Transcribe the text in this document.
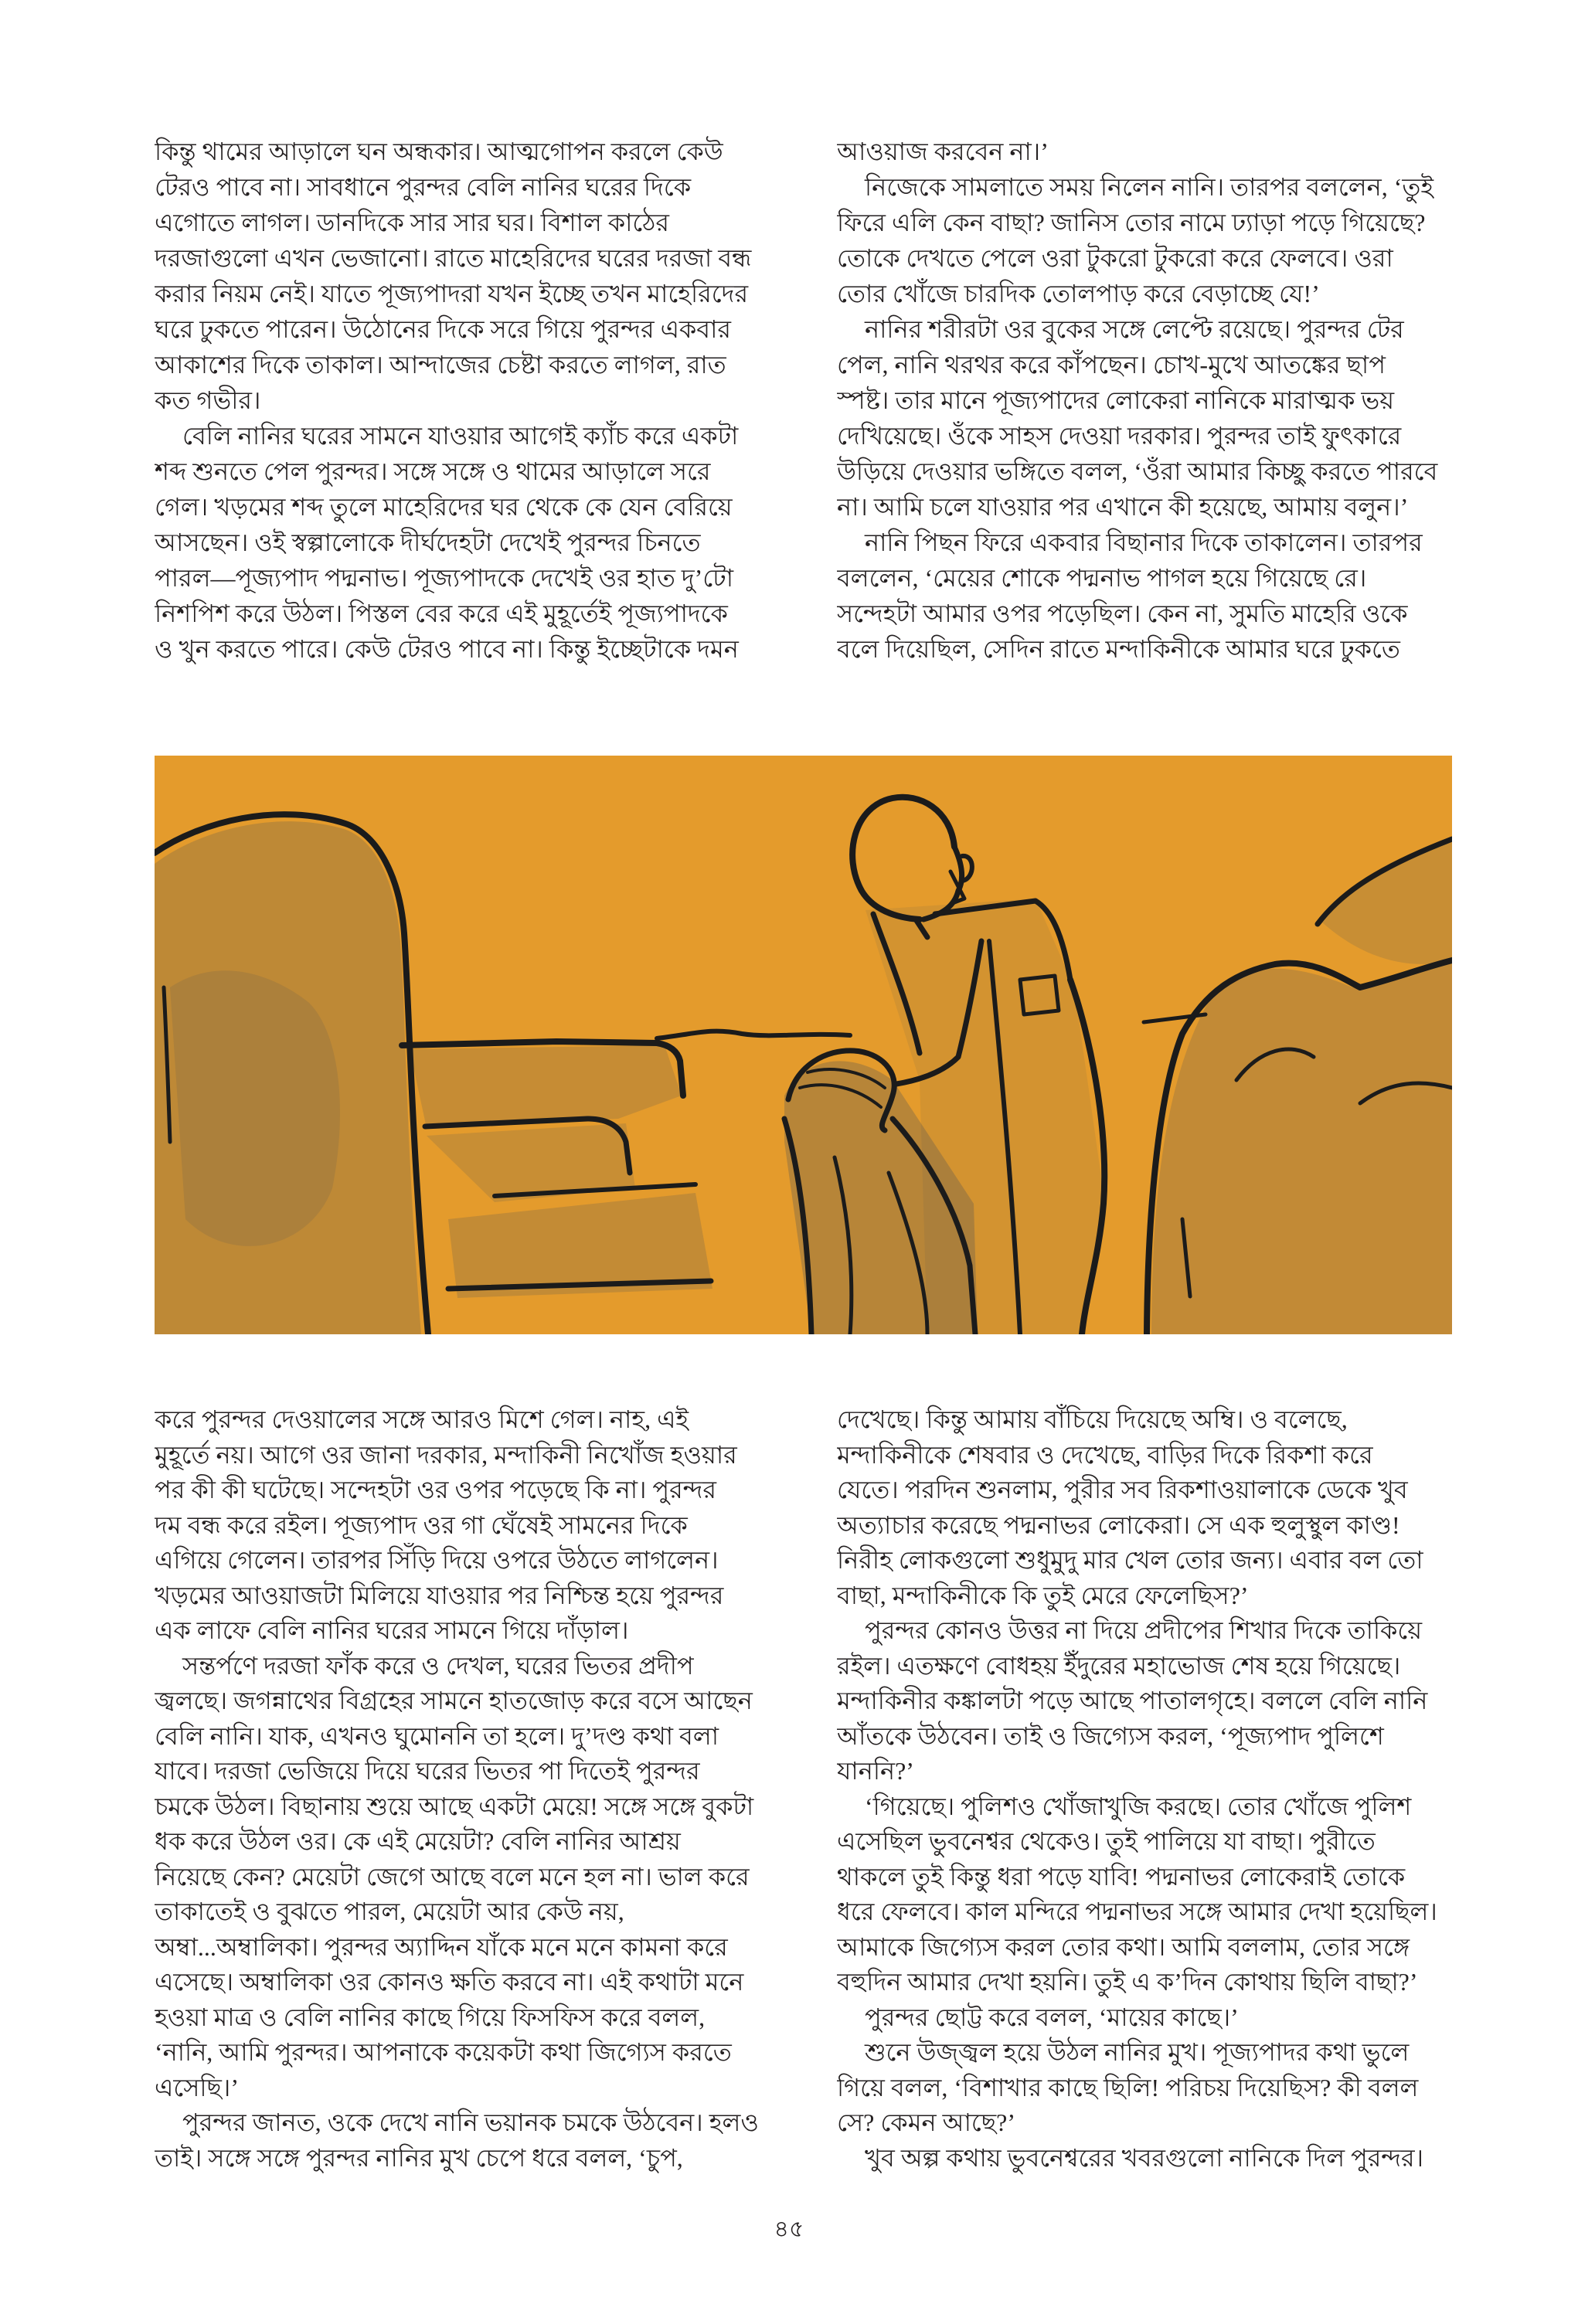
কিন্তু থামের আড়ালে ঘন অন্ধকার। আত্মগোপন করলে কেউ
টেরও পাবে না। সাবধানে পুরন্দর বেলি নানির ঘরের দিকে
এগোতে লাগল। ডানদিকে সার সার ঘর। বিশাল কাঠের
দরজাগুলো এখন ভেজানো। রাতে মাহেরিদের ঘরের দরজা বন্ধ
করার নিয়ম নেই। যাতে পূজ্যপাদরা যখন ইচ্ছে তখন মাহেরিদের
ঘরে ঢুকতে পারেন। উঠোনের দিকে সরে গিয়ে পুরন্দর একবার
আকাশের দিকে তাকাল। আন্দাজের চেষ্টা করতে লাগল, রাত
কত গভীর।
বেলি নানির ঘরের সামনে যাওয়ার আগেই ক্যাঁচ করে একটা
শব্দ শুনতে পেল পুরন্দর। সঙ্গে সঙ্গে ও থামের আড়ালে সরে
গেল। খড়মের শব্দ তুলে মাহেরিদের ঘর থেকে কে যেন বেরিয়ে
আসছেন। ওই স্বল্পালোকে দীর্ঘদেহটা দেখেই পুরন্দর চিনতে
পারল—পূজ্যপাদ পদ্মনাভ। পূজ্যপাদকে দেখেই ওর হাত দু’টো
নিশপিশ করে উঠল। পিস্তল বের করে এই মুহূর্তেই পূজ্যপাদকে
ও খুন করতে পারে। কেউ টেরও পাবে না। কিন্তু ইচ্ছেটাকে দমন
আওয়াজ করবেন না।’
নিজেকে সামলাতে সময় নিলেন নানি। তারপর বললেন, ‘তুই
ফিরে এলি কেন বাছা? জানিস তোর নামে ঢ্যাড়া পড়ে গিয়েছে?
তোকে দেখতে পেলে ওরা টুকরো টুকরো করে ফেলবে। ওরা
তোর খোঁজে চারদিক তোলপাড় করে বেড়াচ্ছে যে!’
নানির শরীরটা ওর বুকের সঙ্গে লেপ্টে রয়েছে। পুরন্দর টের
পেল, নানি থরথর করে কাঁপছেন। চোখ-মুখে আতঙ্কের ছাপ
স্পষ্ট। তার মানে পূজ্যপাদের লোকেরা নানিকে মারাত্মক ভয়
দেখিয়েছে। ওঁকে সাহস দেওয়া দরকার। পুরন্দর তাই ফুৎকারে
উড়িয়ে দেওয়ার ভঙ্গিতে বলল, ‘ওঁরা আমার কিচ্ছু করতে পারবে
না। আমি চলে যাওয়ার পর এখানে কী হয়েছে, আমায় বলুন।’
নানি পিছন ফিরে একবার বিছানার দিকে তাকালেন। তারপর
বললেন, ‘মেয়ের শোকে পদ্মনাভ পাগল হয়ে গিয়েছে রে।
সন্দেহটা আমার ওপর পড়েছিল। কেন না, সুমতি মাহেরি ওকে
বলে দিয়েছিল, সেদিন রাতে মন্দাকিনীকে আমার ঘরে ঢুকতে
করে পুরন্দর দেওয়ালের সঙ্গে আরও মিশে গেল। নাহ, এই
মুহূর্তে নয়। আগে ওর জানা দরকার, মন্দাকিনী নিখোঁজ হওয়ার
পর কী কী ঘটেছে। সন্দেহটা ওর ওপর পড়েছে কি না। পুরন্দর
দম বন্ধ করে রইল। পূজ্যপাদ ওর গা ঘেঁষেই সামনের দিকে
এগিয়ে গেলেন। তারপর সিঁড়ি দিয়ে ওপরে উঠতে লাগলেন।
খড়মের আওয়াজটা মিলিয়ে যাওয়ার পর নিশ্চিন্ত হয়ে পুরন্দর
এক লাফে বেলি নানির ঘরের সামনে গিয়ে দাঁড়াল।
সন্তর্পণে দরজা ফাঁক করে ও দেখল, ঘরের ভিতর প্রদীপ
জ্বলছে। জগন্নাথের বিগ্রহের সামনে হাতজোড় করে বসে আছেন
বেলি নানি। যাক, এখনও ঘুমোননি তা হলে। দু’দণ্ড কথা বলা
যাবে। দরজা ভেজিয়ে দিয়ে ঘরের ভিতর পা দিতেই পুরন্দর
চমকে উঠল। বিছানায় শুয়ে আছে একটা মেয়ে! সঙ্গে সঙ্গে বুকটা
ধক করে উঠল ওর। কে এই মেয়েটা? বেলি নানির আশ্রয়
নিয়েছে কেন? মেয়েটা জেগে আছে বলে মনে হল না। ভাল করে
তাকাতেই ও বুঝতে পারল, মেয়েটা আর কেউ নয়,
অম্বা...অম্বালিকা। পুরন্দর অ্যাদ্দিন যাঁকে মনে মনে কামনা করে
এসেছে। অম্বালিকা ওর কোনও ক্ষতি করবে না। এই কথাটা মনে
হওয়া মাত্র ও বেলি নানির কাছে গিয়ে ফিসফিস করে বলল,
‘নানি, আমি পুরন্দর। আপনাকে কয়েকটা কথা জিগ্যেস করতে
এসেছি।’
পুরন্দর জানত, ওকে দেখে নানি ভয়ানক চমকে উঠবেন। হলও
তাই। সঙ্গে সঙ্গে পুরন্দর নানির মুখ চেপে ধরে বলল, ‘চুপ,
দেখেছে। কিন্তু আমায় বাঁচিয়ে দিয়েছে অম্বি। ও বলেছে,
মন্দাকিনীকে শেষবার ও দেখেছে, বাড়ির দিকে রিকশা করে
যেতে। পরদিন শুনলাম, পুরীর সব রিকশাওয়ালাকে ডেকে খুব
অত্যাচার করেছে পদ্মনাভর লোকেরা। সে এক হুলুস্থুল কাণ্ড!
নিরীহ লোকগুলো শুধুমুদু মার খেল তোর জন্য। এবার বল তো
বাছা, মন্দাকিনীকে কি তুই মেরে ফেলেছিস?’
পুরন্দর কোনও উত্তর না দিয়ে প্রদীপের শিখার দিকে তাকিয়ে
রইল। এতক্ষণে বোধহয় ইঁদুরের মহাভোজ শেষ হয়ে গিয়েছে।
মন্দাকিনীর কঙ্কালটা পড়ে আছে পাতালগৃহে। বললে বেলি নানি
আঁতকে উঠবেন। তাই ও জিগ্যেস করল, ‘পূজ্যপাদ পুলিশে
যাননি?’
‘গিয়েছে। পুলিশও খোঁজাখুজি করছে। তোর খোঁজে পুলিশ
এসেছিল ভুবনেশ্বর থেকেও। তুই পালিয়ে যা বাছা। পুরীতে
থাকলে তুই কিন্তু ধরা পড়ে যাবি! পদ্মনাভর লোকেরাই তোকে
ধরে ফেলবে। কাল মন্দিরে পদ্মনাভর সঙ্গে আমার দেখা হয়েছিল।
আমাকে জিগ্যেস করল তোর কথা। আমি বললাম, তোর সঙ্গে
বহুদিন আমার দেখা হয়নি। তুই এ ক’দিন কোথায় ছিলি বাছা?’
পুরন্দর ছোট্ট করে বলল, ‘মায়ের কাছে।’
শুনে উজ্জ্বল হয়ে উঠল নানির মুখ। পূজ্যপাদর কথা ভুলে
গিয়ে বলল, ‘বিশাখার কাছে ছিলি! পরিচয় দিয়েছিস? কী বলল
সে? কেমন আছে?’
খুব অল্প কথায় ভুবনেশ্বরের খবরগুলো নানিকে দিল পুরন্দর।
৪৫
